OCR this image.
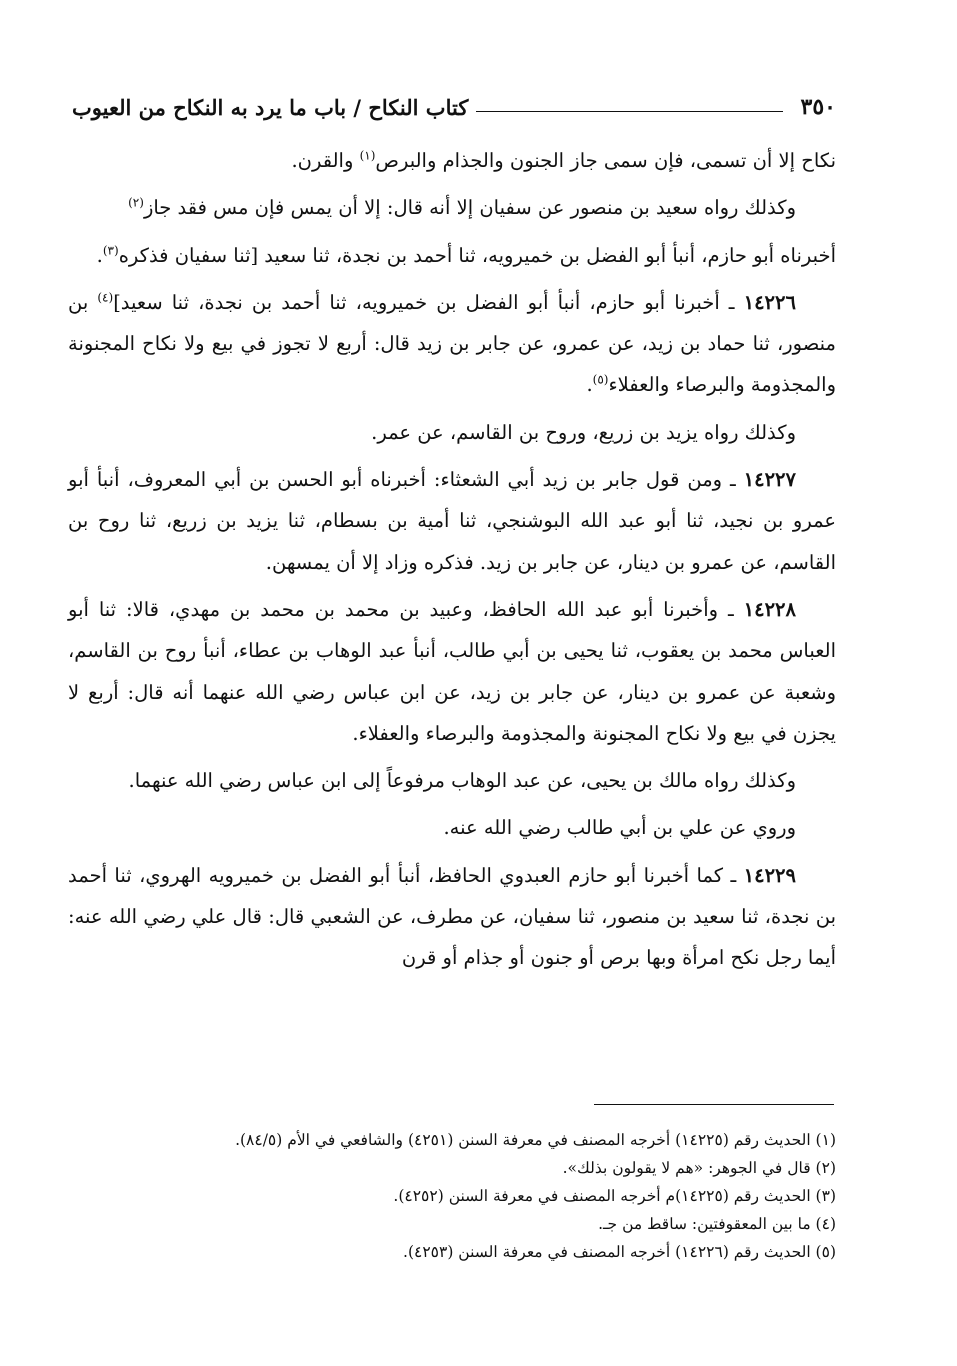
٣٥٠
كتاب النكاح / باب ما يرد به النكاح من العيوب

نكاح إلا أن تسمى، فإن سمى جاز الجنون والجذام والبرص$^{(١)}$ والقرن.

وكذلك رواه سعيد بن منصور عن سفيان إلا أنه قال: إلا أن يمس فإن مس فقد جاز$^{(٢)}$

أخبرناه أبو حازم، أنبأ أبو الفضل بن خميرويه، ثنا أحمد بن نجدة، ثنا سعيد [ثنا سفيان فذكره$^{(٣)}$.

١٤٢٢٦ ـ أخبرنا أبو حازم، أنبأ أبو الفضل بن خميرويه، ثنا أحمد بن نجدة، ثنا سعيد]$^{(٤)}$ بن منصور، ثنا حماد بن زيد، عن عمرو، عن جابر بن زيد قال: أربع لا تجوز في بيع ولا نكاح المجنونة والمجذومة والبرصاء والعفلاء$^{(٥)}$.

وكذلك رواه يزيد بن زريع، وروح بن القاسم، عن عمر.

١٤٢٢٧ ـ ومن قول جابر بن زيد أبي الشعثاء: أخبرناه أبو الحسن بن أبي المعروف، أنبأ أبو عمرو بن نجيد، ثنا أبو عبد الله البوشنجي، ثنا أمية بن بسطام، ثنا يزيد بن زريع، ثنا روح بن القاسم، عن عمرو بن دينار، عن جابر بن زيد. فذكره وزاد إلا أن يمسهن.

١٤٢٢٨ ـ وأخبرنا أبو عبد الله الحافظ، وعبيد بن محمد بن محمد بن مهدي، قالا: ثنا أبو العباس محمد بن يعقوب، ثنا يحيى بن أبي طالب، أنبأ عبد الوهاب بن عطاء، أنبأ روح بن القاسم، وشعبة عن عمرو بن دينار، عن جابر بن زيد، عن ابن عباس رضي الله عنهما أنه قال: أربع لا يجزن في بيع ولا نكاح المجنونة والمجذومة والبرصاء والعفلاء.

وكذلك رواه مالك بن يحيى، عن عبد الوهاب مرفوعاً إلى ابن عباس رضي الله عنهما.

وروي عن علي بن أبي طالب رضي الله عنه.

١٤٢٢٩ ـ كما أخبرنا أبو حازم العبدوي الحافظ، أنبأ أبو الفضل بن خميرويه الهروي، ثنا أحمد بن نجدة، ثنا سعيد بن منصور، ثنا سفيان، عن مطرف، عن الشعبي قال: قال علي رضي الله عنه: أيما رجل نكح امرأة وبها برص أو جنون أو جذام أو قرن

(١) الحديث رقم (١٤٢٢٥) أخرجه المصنف في معرفة السنن (٤٢٥١) والشافعي في الأم (٨٤/٥).

(٢) قال في الجوهر: «هم لا يقولون بذلك».

(٣) الحديث رقم (١٤٢٢٥)م أخرجه المصنف في معرفة السنن (٤٢٥٢).

(٤) ما بين المعقوفتين: ساقط من جـ.

(٥) الحديث رقم (١٤٢٢٦) أخرجه المصنف في معرفة السنن (٤٢٥٣).
